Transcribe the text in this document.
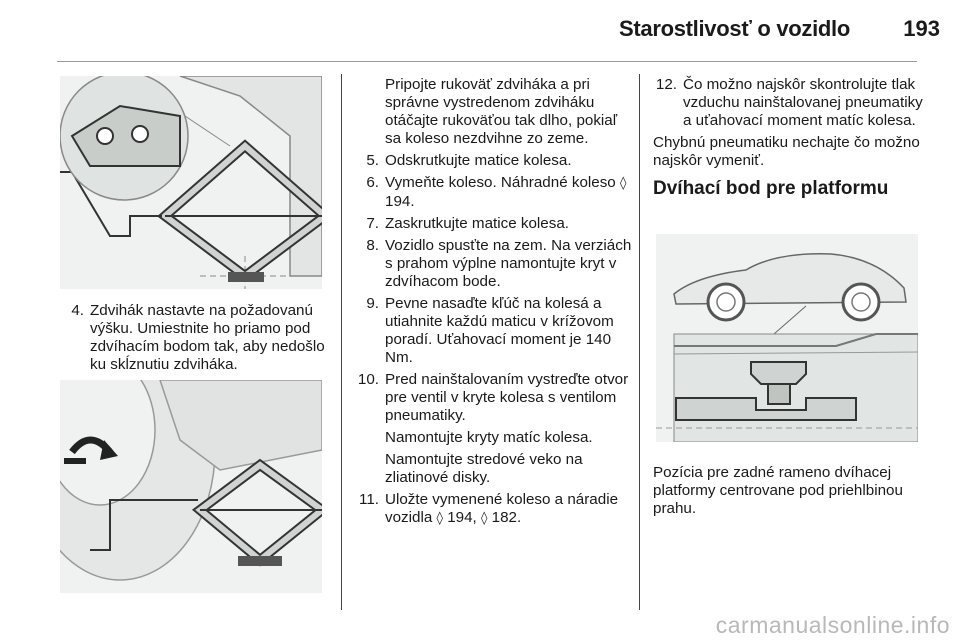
Starostlivosť o vozidlo	193
4. Zdvihák nastavte na požadovanú výšku. Umiestnite ho priamo pod zdvíhacím bodom tak, aby nedošlo ku skĺznutiu zdviháka.
Pripojte rukoväť zdviháka a pri správne vystredenom zdviháku otáčajte rukoväťou tak dlho, pokiaľ sa koleso nezdvihne zo zeme.
5. Odskrutkujte matice kolesa.
6. Vymeňte koleso. Náhradné koleso ◊ 194.
7. Zaskrutkujte matice kolesa.
8. Vozidlo spusťte na zem. Na verziách s prahom výplne namontujte kryt v zdvíhacom bode.
9. Pevne nasaďte kľúč na kolesá a utiahnite každú maticu v krížovom poradí. Uťahovací moment je 140 Nm.
10. Pred nainštalovaním vystreďte otvor pre ventil v kryte kolesa s ventilom pneumatiky.
Namontujte kryty matíc kolesa.
Namontujte stredové veko na zliatinové disky.
11. Uložte vymenené koleso a náradie vozidla ◊ 194, ◊ 182.
12. Čo možno najskôr skontrolujte tlak vzduchu nainštalovanej pneumatiky a uťahovací moment matíc kolesa.
Chybnú pneumatiku nechajte čo možno najskôr vymeniť.
Dvíhací bod pre platformu
Pozícia pre zadné rameno dvíhacej platformy centrovane pod priehlbinou prahu.
carmanualsonline.info
